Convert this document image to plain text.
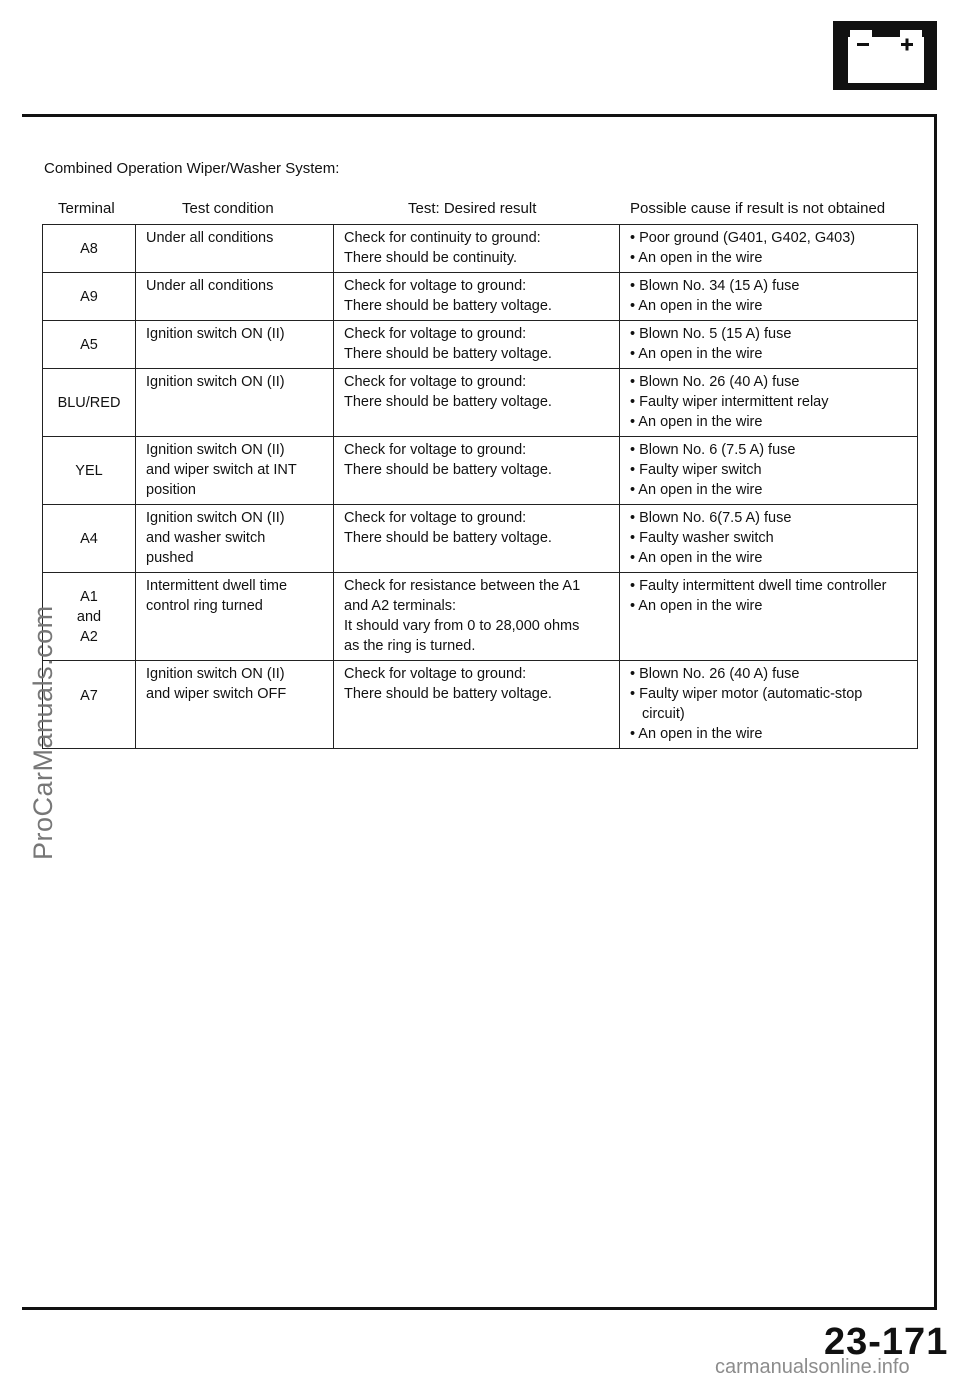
Combined Operation Wiper/Washer System:
Terminal	Test condition	Test: Desired result	Possible cause if result is not obtained
A8	Under all conditions	Check for continuity to ground:
There should be continuity.	• Poor ground (G401, G402, G403)
• An open in the wire

A9	Under all conditions	Check for voltage to ground:
There should be battery voltage.	• Blown No. 34 (15 A) fuse
• An open in the wire

A5	Ignition switch ON (II)	Check for voltage to ground:
There should be battery voltage.	• Blown No. 5 (15 A) fuse
• An open in the wire

BLU/RED	Ignition switch ON (II)	Check for voltage to ground:
There should be battery voltage.	• Blown No. 26 (40 A) fuse
• Faulty wiper intermittent relay
• An open in the wire

YEL	Ignition switch ON (II)
and wiper switch at INT
position	Check for voltage to ground:
There should be battery voltage.	• Blown No. 6 (7.5 A) fuse
• Faulty wiper switch
• An open in the wire

A4	Ignition switch ON (II)
and washer switch
pushed	Check for voltage to ground:
There should be battery voltage.	• Blown No. 6(7.5 A) fuse
• Faulty washer switch
• An open in the wire

A1
and
A2	Intermittent dwell time
control ring turned	Check for resistance between the A1
and A2 terminals:
It should vary from 0 to 28,000 ohms
as the ring is turned.	• Faulty intermittent dwell time controller
• An open in the wire

A7	Ignition switch ON (II)
and wiper switch OFF	Check for voltage to ground:
There should be battery voltage.	• Blown No. 26 (40 A) fuse
• Faulty wiper motor (automatic-stop circuit)
• An open in the wire
ProCarManuals.com
23-171
carmanualsonline.info
